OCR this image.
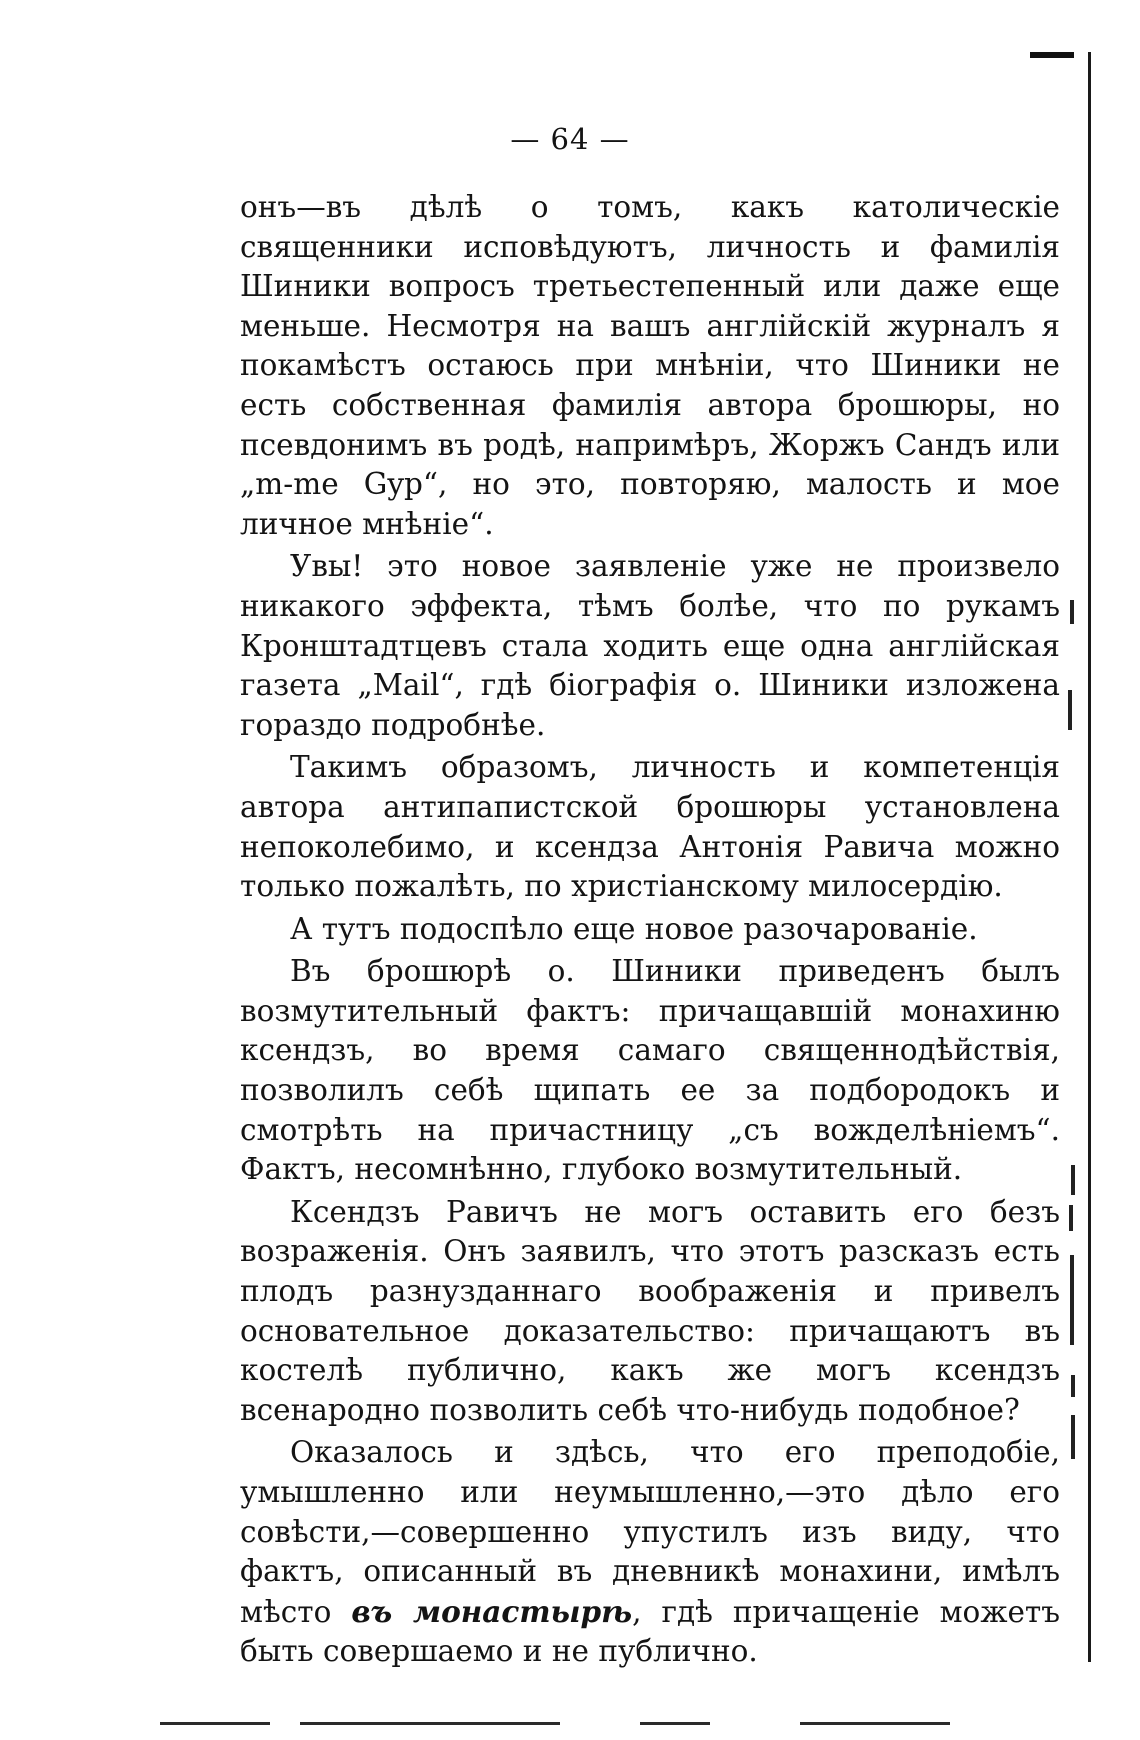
— 64 —

онъ—въ дѣлѣ о томъ, какъ католическіе священники исповѣдуютъ, личность и фамилія Шиники вопросъ третьестепенный или даже еще меньше. Несмотря на вашъ англійскій журналъ я покамѣстъ остаюсь при мнѣніи, что Шиники не есть собственная фамилія автора брошюры, но псевдонимъ въ родѣ, напримѣръ, Жоржъ Сандъ или „m-me Gyp“, но это, повторяю, малость и мое личное мнѣніе“.

Увы! это новое заявленіе уже не произвело никакого эффекта, тѣмъ болѣе, что по рукамъ Кронштадтцевъ стала ходить еще одна англійская газета „Mail“, гдѣ біографія о. Шиники изложена гораздо подробнѣе.

Такимъ образомъ, личность и компетенція автора антипапистской брошюры установлена непоколебимо, и ксендза Антонія Равича можно только пожалѣть, по христіанскому милосердію.

А тутъ подоспѣло еще новое разочарованіе.

Въ брошюрѣ о. Шиники приведенъ былъ возмутительный фактъ: причащавшій монахиню ксендзъ, во время самаго священнодѣйствія, позволилъ себѣ щипать ее за подбородокъ и смотрѣть на причастницу „съ вожделѣніемъ“. Фактъ, несомнѣнно, глубоко возмутительный.

Ксендзъ Равичъ не могъ оставить его безъ возраженія. Онъ заявилъ, что этотъ разсказъ есть плодъ разнузданнаго воображенія и привелъ основательное доказательство: причащаютъ въ костелѣ публично, какъ же могъ ксендзъ всенародно позволить себѣ что-нибудь подобное?

Оказалось и здѣсь, что его преподобіе, умышленно или неумышленно,—это дѣло его совѣсти,—совершенно упустилъ изъ виду, что фактъ, описанный въ дневникѣ монахини, имѣлъ мѣсто въ монастырѣ, гдѣ причащеніе можетъ быть совершаемо и не публично.
